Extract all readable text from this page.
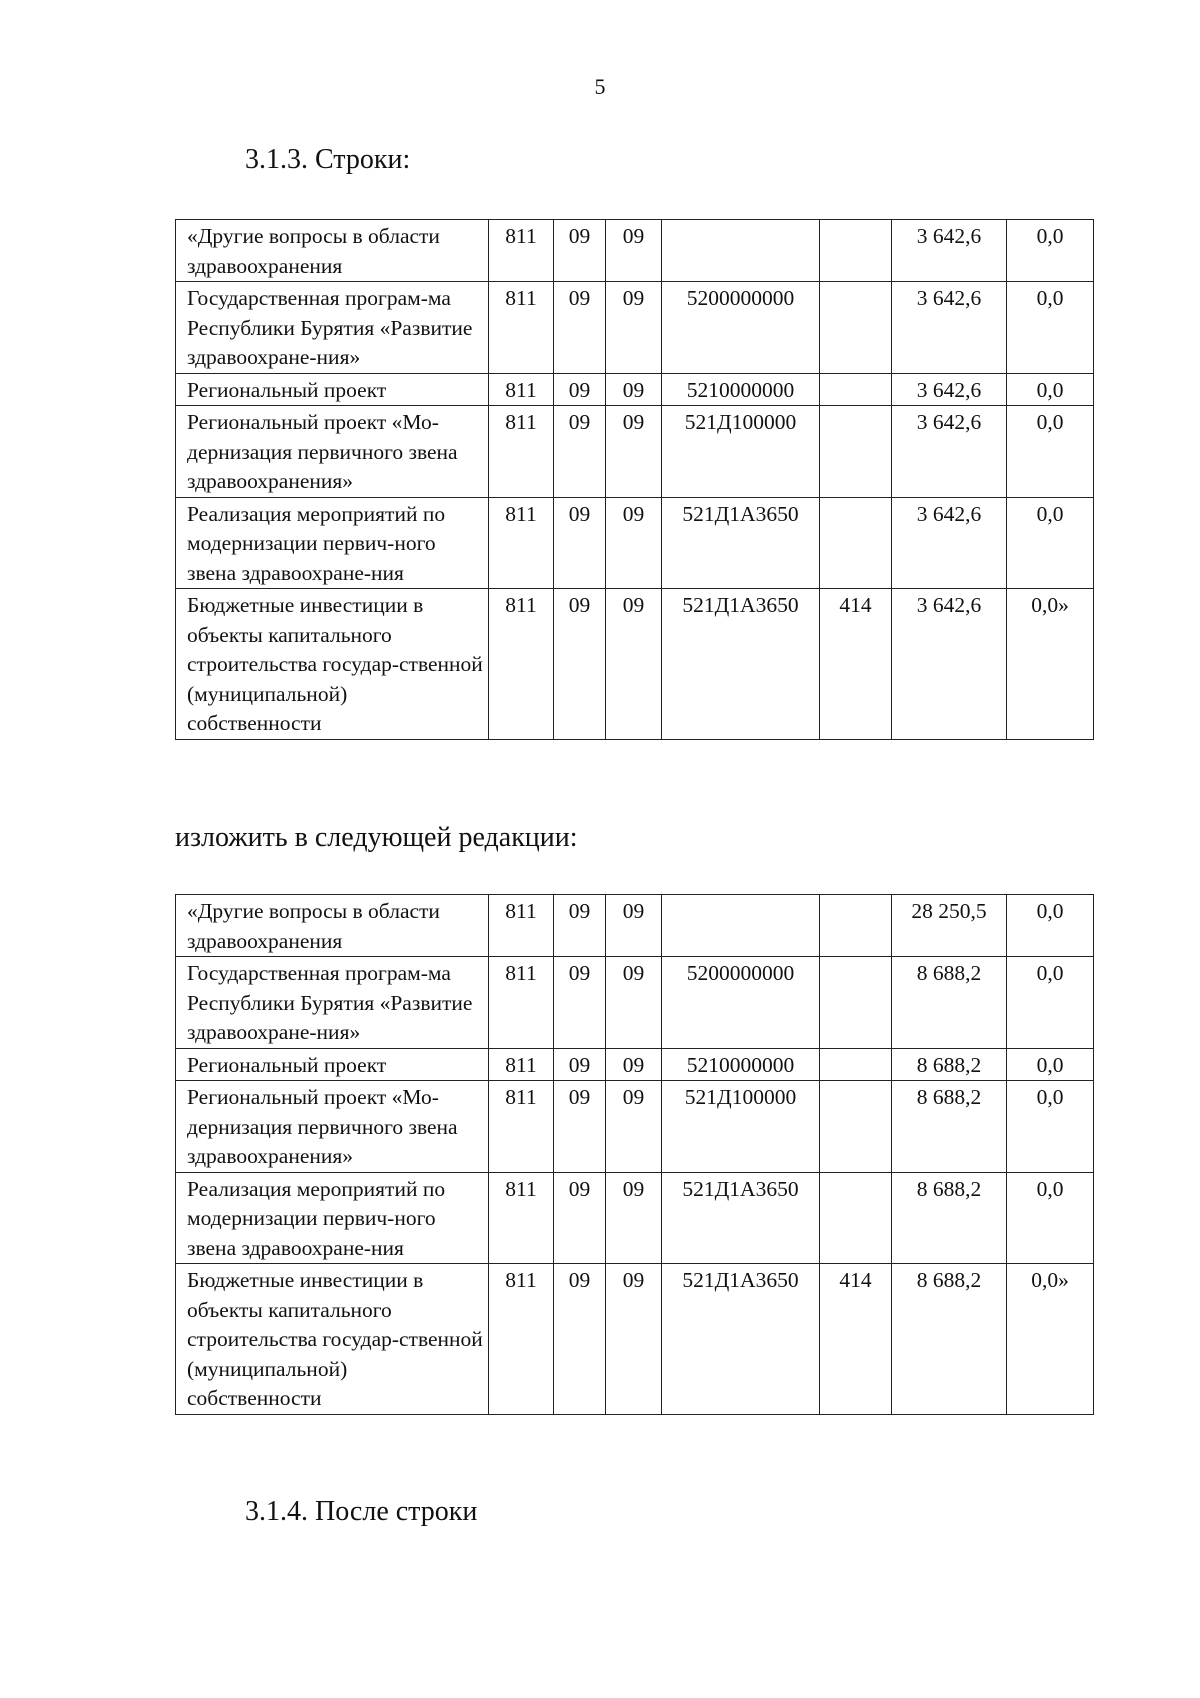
5
3.1.3. Строки:
«Другие вопросы в области здравоохранения	811	09	09			3 642,6	0,0
Государственная програм-ма Республики Бурятия «Развитие здравоохране-ния»	811	09	09	5200000000		3 642,6	0,0
Региональный проект	811	09	09	5210000000		3 642,6	0,0
Региональный проект «Мо-дернизация первичного звена здравоохранения»	811	09	09	521Д100000		3 642,6	0,0
Реализация мероприятий по модернизации первич-ного звена здравоохране-ния	811	09	09	521Д1А3650		3 642,6	0,0
Бюджетные инвестиции в объекты капитального строительства государ-ственной (муниципальной) собственности	811	09	09	521Д1А3650	414	3 642,6	0,0»
изложить в следующей редакции:
«Другие вопросы в области здравоохранения	811	09	09			28 250,5	0,0
Государственная програм-ма Республики Бурятия «Развитие здравоохране-ния»	811	09	09	5200000000		8 688,2	0,0
Региональный проект	811	09	09	5210000000		8 688,2	0,0
Региональный проект «Мо-дернизация первичного звена здравоохранения»	811	09	09	521Д100000		8 688,2	0,0
Реализация мероприятий по модернизации первич-ного звена здравоохране-ния	811	09	09	521Д1А3650		8 688,2	0,0
Бюджетные инвестиции в объекты капитального строительства государ-ственной (муниципальной) собственности	811	09	09	521Д1А3650	414	8 688,2	0,0»
3.1.4. После строки
